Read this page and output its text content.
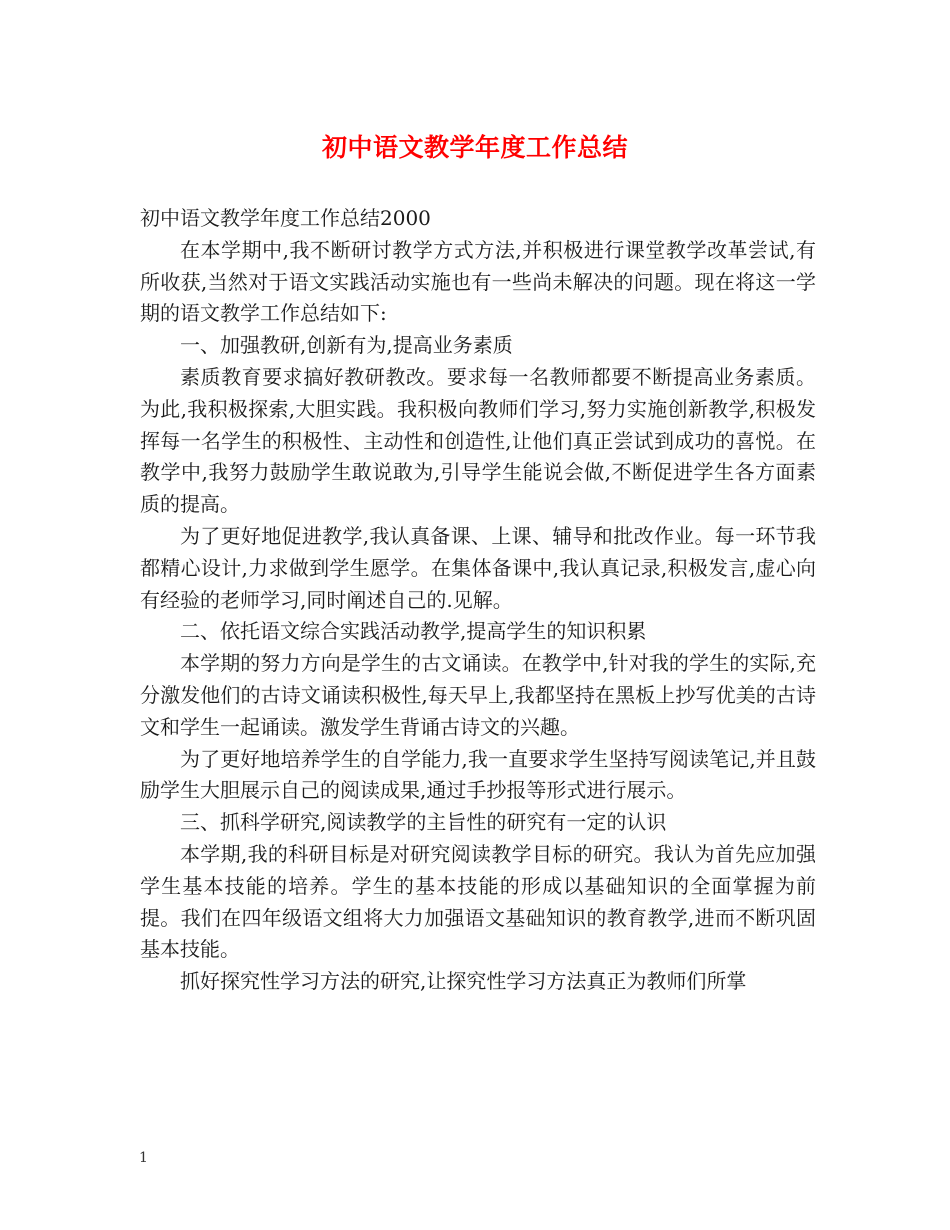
初中语文教学年度工作总结

初中语文教学年度工作总结2000

在本学期中,我不断研讨教学方式方法,并积极进行课堂教学改革尝试,有所收获,当然对于语文实践活动实施也有一些尚未解决的问题。现在将这一学期的语文教学工作总结如下:

一、加强教研,创新有为,提高业务素质

素质教育要求搞好教研教改。要求每一名教师都要不断提高业务素质。为此,我积极探索,大胆实践。我积极向教师们学习,努力实施创新教学,积极发挥每一名学生的积极性、主动性和创造性,让他们真正尝试到成功的喜悦。在教学中,我努力鼓励学生敢说敢为,引导学生能说会做,不断促进学生各方面素质的提高。

为了更好地促进教学,我认真备课、上课、辅导和批改作业。每一环节我都精心设计,力求做到学生愿学。在集体备课中,我认真记录,积极发言,虚心向有经验的老师学习,同时阐述自己的.见解。

二、依托语文综合实践活动教学,提高学生的知识积累

本学期的努力方向是学生的古文诵读。在教学中,针对我的学生的实际,充分激发他们的古诗文诵读积极性,每天早上,我都坚持在黑板上抄写优美的古诗文和学生一起诵读。激发学生背诵古诗文的兴趣。

为了更好地培养学生的自学能力,我一直要求学生坚持写阅读笔记,并且鼓励学生大胆展示自己的阅读成果,通过手抄报等形式进行展示。

三、抓科学研究,阅读教学的主旨性的研究有一定的认识

本学期,我的科研目标是对研究阅读教学目标的研究。我认为首先应加强学生基本技能的培养。学生的基本技能的形成以基础知识的全面掌握为前提。我们在四年级语文组将大力加强语文基础知识的教育教学,进而不断巩固基本技能。

抓好探究性学习方法的研究,让探究性学习方法真正为教师们所掌

1
